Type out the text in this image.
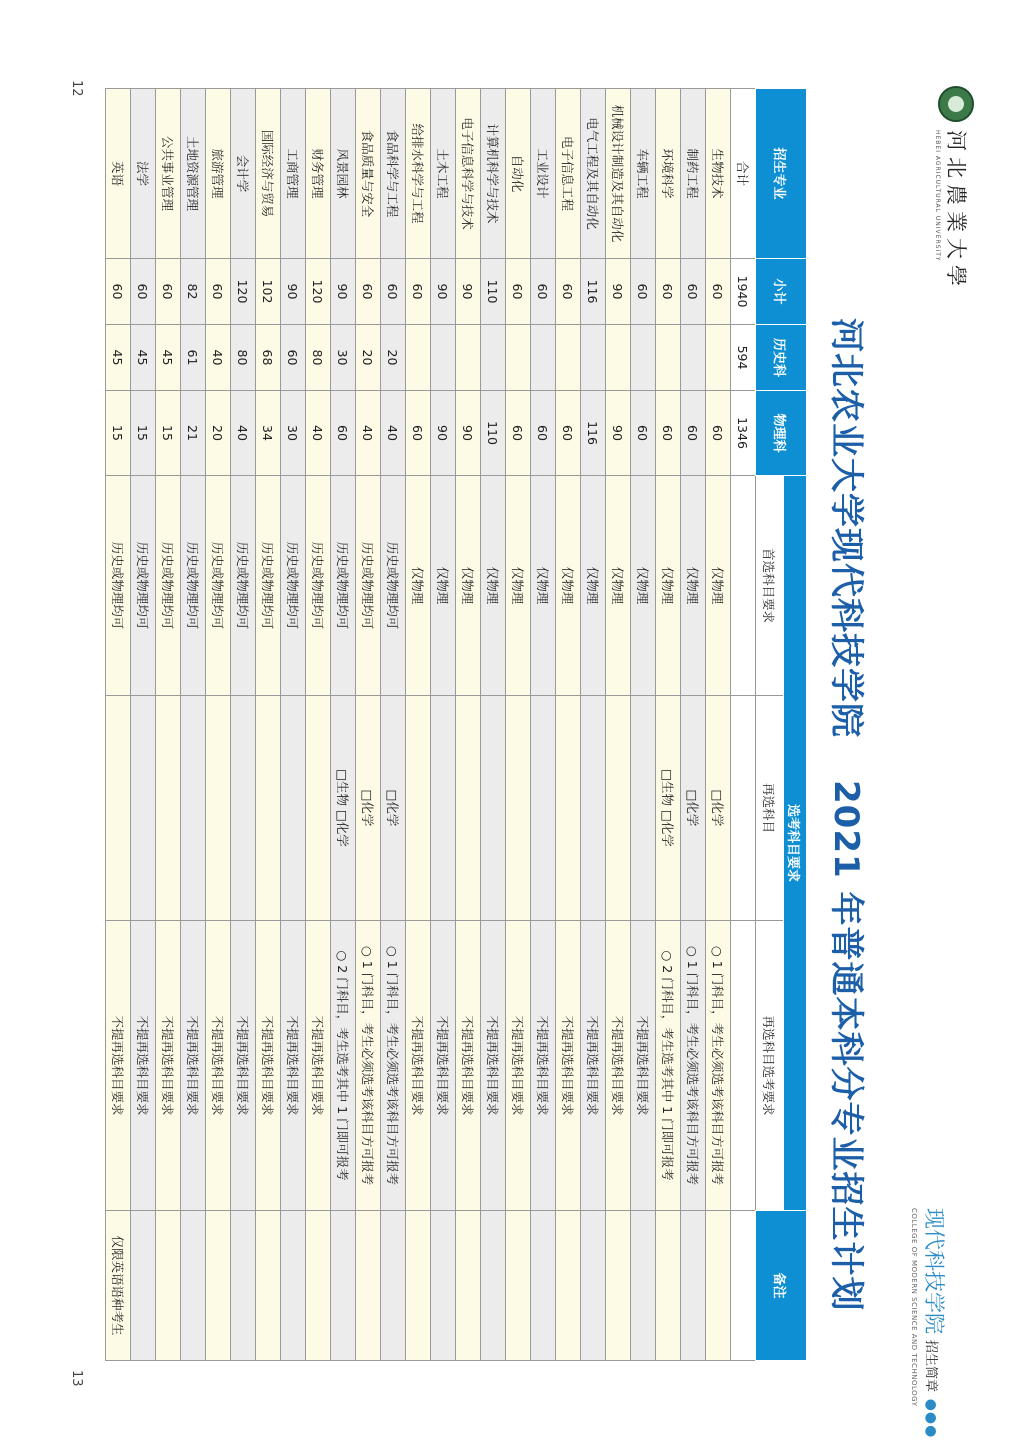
12
13
河北農業大學
HEBEI AGRICULTURAL UNIVERSITY
河北农业大学现代科技学院2021 年普通本科分专业招生计划	现代科技学院招生简章 ●●●
COLLEGE OF MODERN SCIENCE AND TECHNOLOGY
招生专业	小计	历史科	物理科	选考科目要求			备注
				首选科目要求	再选科目	再选科目选考要求	
合计	1940	594	1346				
生物技术	60		60	仅物理	□化学	○ 1 门科目，考生必须选考该科目方可报考	
制药工程	60		60	仅物理	□化学	○ 1 门科目，考生必须选考该科目方可报考	
环境科学	60		60	仅物理	□生物 □化学	○ 2 门科目，考生选考其中 1 门即可报考	
车辆工程	60		60	仅物理		不提再选科目要求	
机械设计制造及其自动化	90		90	仅物理		不提再选科目要求	
电气工程及其自动化	116		116	仅物理		不提再选科目要求	
电子信息工程	60		60	仅物理		不提再选科目要求	
工业设计	60		60	仅物理		不提再选科目要求	
自动化	60		60	仅物理		不提再选科目要求	
计算机科学与技术	110		110	仅物理		不提再选科目要求	
电子信息科学与技术	90		90	仅物理		不提再选科目要求	
土木工程	90		90	仅物理		不提再选科目要求	
给排水科学与工程	60		60	仅物理		不提再选科目要求	
食品科学与工程	60	20	40	历史或物理均可	□化学	○ 1 门科目，考生必须选考该科目方可报考	
食品质量与安全	60	20	40	历史或物理均可	□化学	○ 1 门科目，考生必须选考该科目方可报考	
风景园林	90	30	60	历史或物理均可	□生物 □化学	○ 2 门科目，考生选考其中 1 门即可报考	
财务管理	120	80	40	历史或物理均可		不提再选科目要求	
工商管理	90	60	30	历史或物理均可		不提再选科目要求	
国际经济与贸易	102	68	34	历史或物理均可		不提再选科目要求	
会计学	120	80	40	历史或物理均可		不提再选科目要求	
旅游管理	60	40	20	历史或物理均可		不提再选科目要求	
土地资源管理	82	61	21	历史或物理均可		不提再选科目要求	
公共事业管理	60	45	15	历史或物理均可		不提再选科目要求	
法学	60	45	15	历史或物理均可		不提再选科目要求	
英语	60	45	15	历史或物理均可		不提再选科目要求	仅限英语语种考生
